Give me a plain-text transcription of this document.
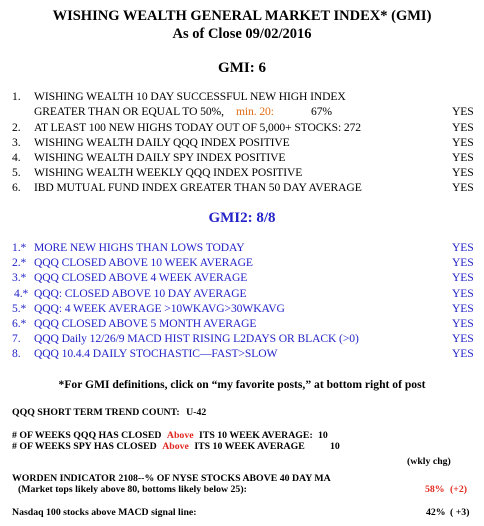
WISHING WEALTH GENERAL MARKET INDEX* (GMI)
As of Close 09/02/2016
GMI: 6
1. WISHING WEALTH 10 DAY SUCCESSFUL NEW HIGH INDEX
GREATER THAN OR EQUAL TO 50%, min. 20:	67%	YES
2. AT LEAST 100 NEW HIGHS TODAY OUT OF 5,000+ STOCKS: 272	YES
3. WISHING WEALTH DAILY QQQ INDEX POSITIVE	YES
4. WISHING WEALTH DAILY SPY INDEX POSITIVE	YES
5. WISHING WEALTH WEEKLY QQQ INDEX POSITIVE	YES
6. IBD MUTUAL FUND INDEX GREATER THAN 50 DAY AVERAGE	YES
GMI2: 8/8
1.* MORE NEW HIGHS THAN LOWS TODAY	YES
2.* QQQ CLOSED ABOVE 10 WEEK AVERAGE	YES
3.* QQQ CLOSED ABOVE 4 WEEK AVERAGE	YES
4.* QQQ: CLOSED ABOVE 10 DAY AVERAGE	YES
5.* QQQ: 4 WEEK AVERAGE >10WKAVG>30WKAVG	YES
6.* QQQ CLOSED ABOVE 5 MONTH AVERAGE	YES
7. QQQ Daily 12/26/9 MACD HIST RISING L2DAYS OR BLACK (>0)	YES
8. QQQ 10.4.4 DAILY STOCHASTIC—FAST>SLOW	YES
*For GMI definitions, click on “my favorite posts,” at bottom right of post
QQQ SHORT TERM TREND COUNT: U-42
# OF WEEKS QQQ HAS CLOSED Above ITS 10 WEEK AVERAGE: 10
# OF WEEKS SPY HAS CLOSED Above ITS 10 WEEK AVERAGE	10
(wkly chg)
WORDEN INDICATOR 2108--% OF NYSE STOCKS ABOVE 40 DAY MA
(Market tops likely above 80, bottoms likely below 25):	58% (+2)
Nasdaq 100 stocks above MACD signal line:	42% ( +3)
